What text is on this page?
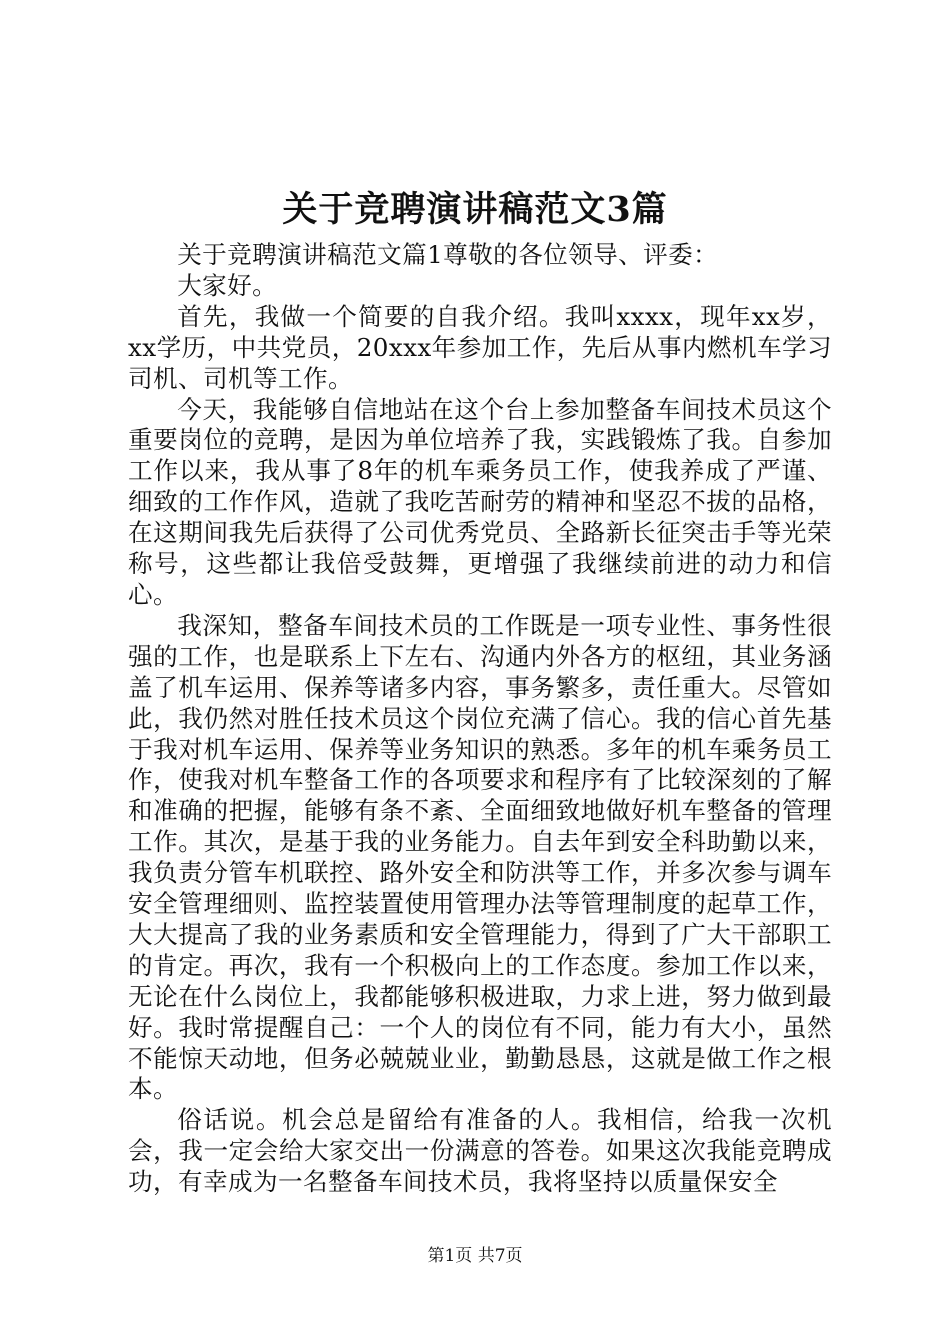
关于竞聘演讲稿范文3篇

关于竞聘演讲稿范文篇1尊敬的各位领导、评委：

大家好。

首先，我做一个简要的自我介绍。我叫xxxx，现年xx岁，xx学历，中共党员，20xxx年参加工作，先后从事内燃机车学习司机、司机等工作。

今天，我能够自信地站在这个台上参加整备车间技术员这个重要岗位的竞聘，是因为单位培养了我，实践锻炼了我。自参加工作以来，我从事了8年的机车乘务员工作，使我养成了严谨、细致的工作作风，造就了我吃苦耐劳的精神和坚忍不拔的品格，在这期间我先后获得了公司优秀党员、全路新长征突击手等光荣称号，这些都让我倍受鼓舞，更增强了我继续前进的动力和信心。

我深知，整备车间技术员的工作既是一项专业性、事务性很强的工作，也是联系上下左右、沟通内外各方的枢纽，其业务涵盖了机车运用、保养等诸多内容，事务繁多，责任重大。尽管如此，我仍然对胜任技术员这个岗位充满了信心。我的信心首先基于我对机车运用、保养等业务知识的熟悉。多年的机车乘务员工作，使我对机车整备工作的各项要求和程序有了比较深刻的了解和准确的把握，能够有条不紊、全面细致地做好机车整备的管理工作。其次，是基于我的业务能力。自去年到安全科助勤以来，我负责分管车机联控、路外安全和防洪等工作，并多次参与调车安全管理细则、监控装置使用管理办法等管理制度的起草工作，大大提高了我的业务素质和安全管理能力，得到了广大干部职工的肯定。再次，我有一个积极向上的工作态度。参加工作以来，无论在什么岗位上，我都能够积极进取，力求上进，努力做到最好。我时常提醒自己：一个人的岗位有不同，能力有大小，虽然不能惊天动地，但务必兢兢业业，勤勤恳恳，这就是做工作之根本。

俗话说。机会总是留给有准备的人。我相信，给我一次机会，我一定会给大家交出一份满意的答卷。如果这次我能竞聘成功，有幸成为一名整备车间技术员，我将坚持以质量保安全

第1页 共7页
